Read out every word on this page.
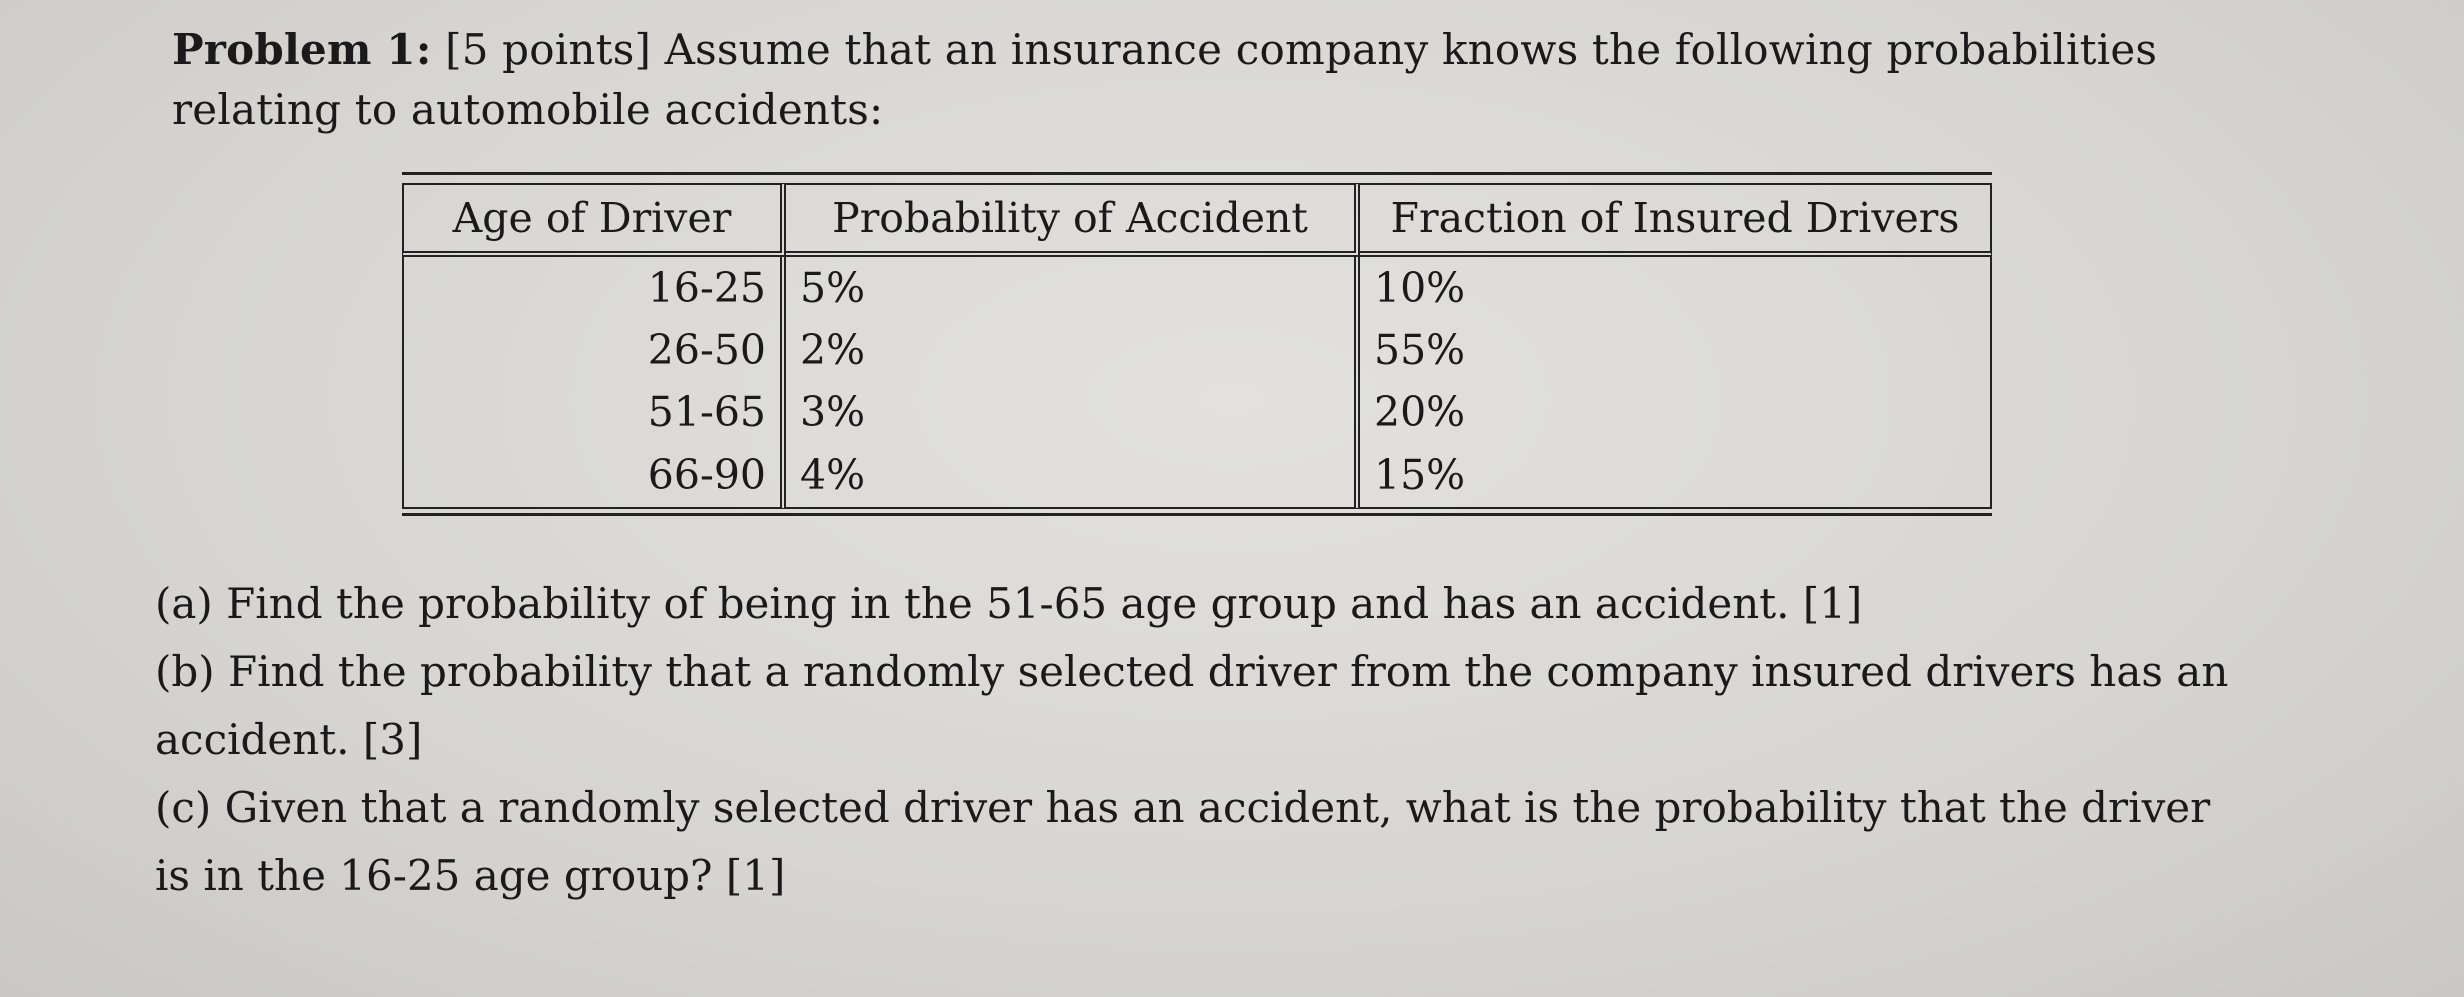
Problem 1: [5 points] Assume that an insurance company knows the following probabilities relating to automobile accidents:
Age of Driver	Probability of Accident	Fraction of Insured Drivers
16-25	5%	10%
26-50	2%	55%
51-65	3%	20%
66-90	4%	15%

(a) Find the probability of being in the 51-65 age group and has an accident. [1]

(b) Find the probability that a randomly selected driver from the company insured drivers has an accident. [3]

(c) Given that a randomly selected driver has an accident, what is the probability that the driver is in the 16-25 age group? [1]
